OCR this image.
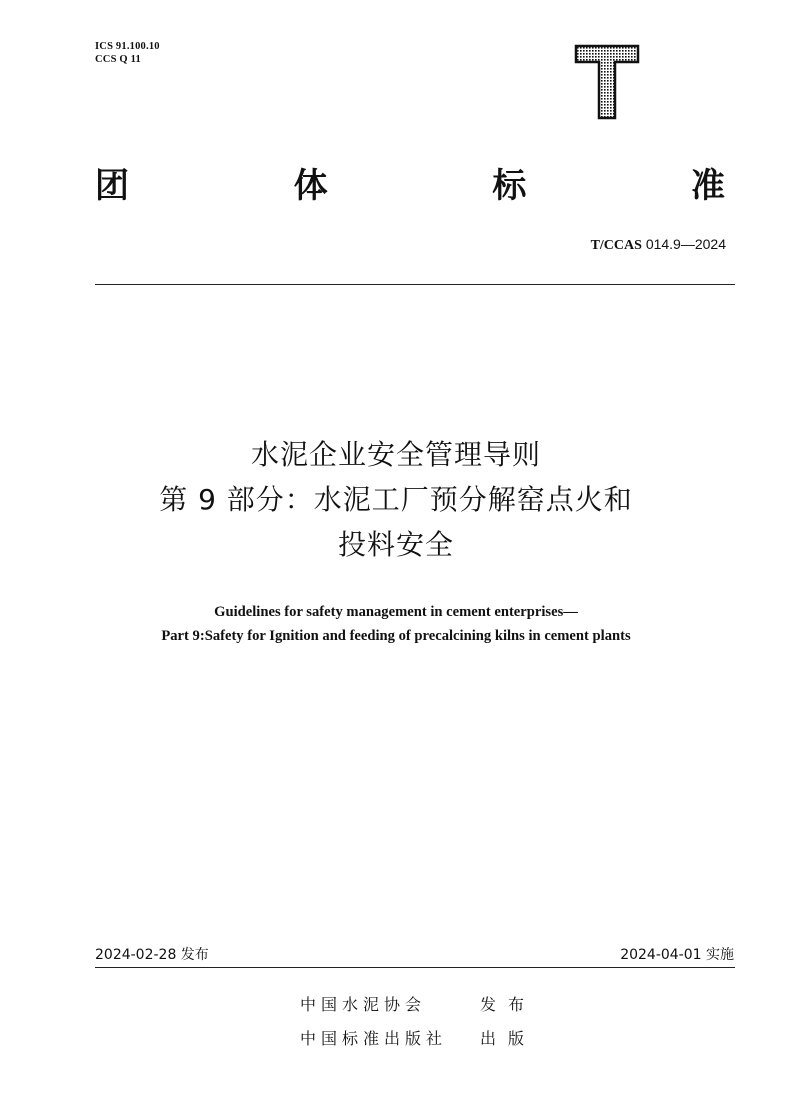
ICS 91.100.10
CCS Q 11
团	体	标	准
T/CCAS 014.9—2024
水泥企业安全管理导则
第 9 部分：水泥工厂预分解窑点火和
投料安全
Guidelines for safety management in cement enterprises—
Part 9:Safety for Ignition and feeding of precalcining kilns in cement plants
2024-02-28 发布	2024-04-01 实施
中国水泥协会	发布
中国标准出版社 出版
